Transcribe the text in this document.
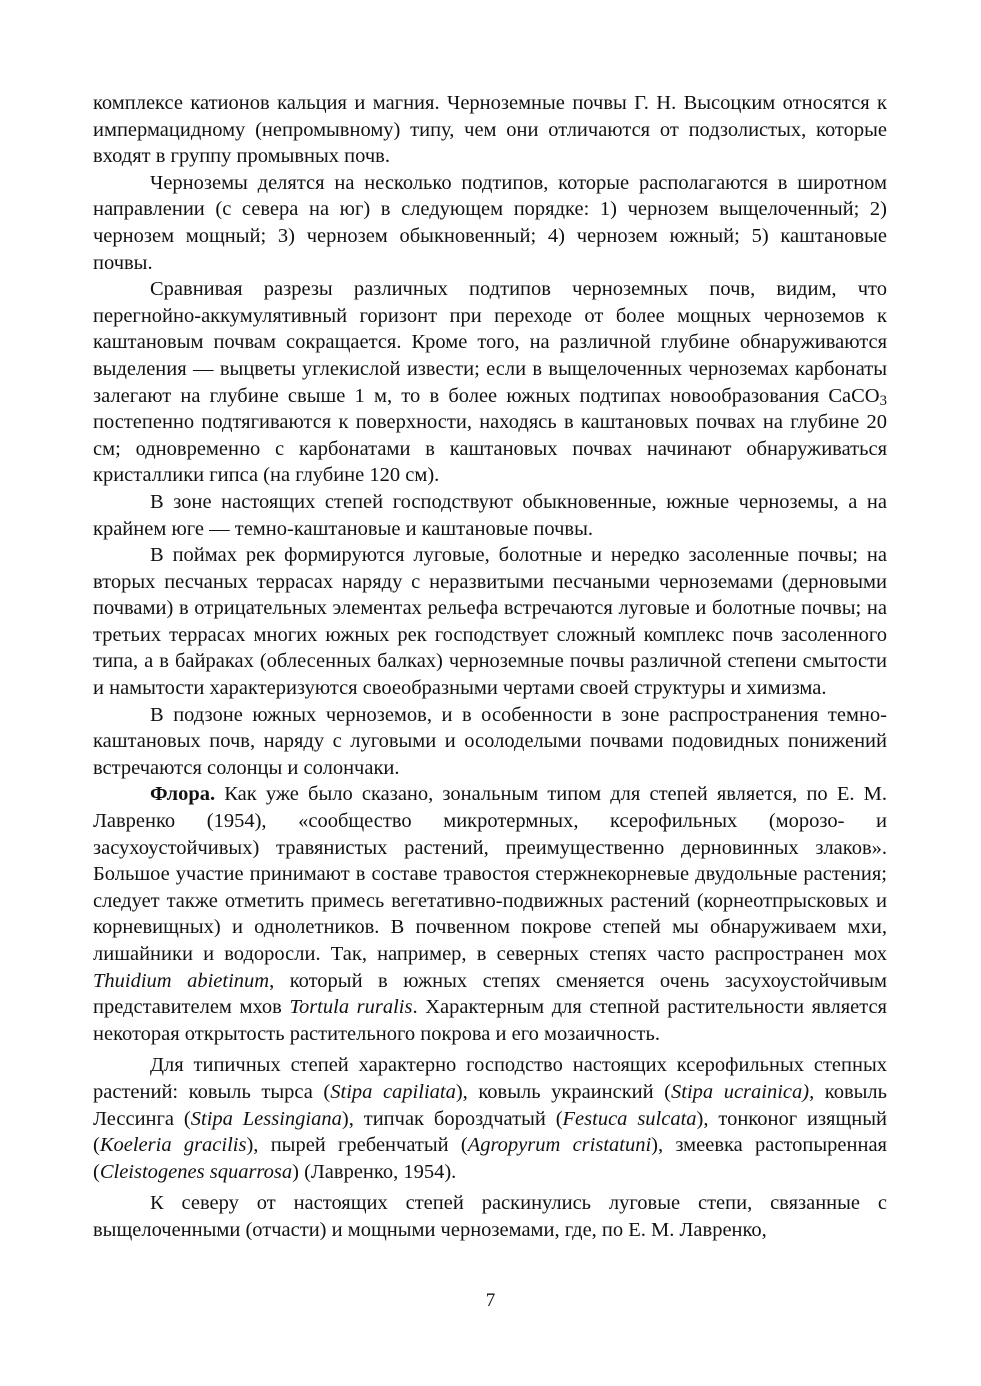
комплексе катионов кальция и магния. Черноземные почвы Г. Н. Высоцким относятся к импермацидному (непромывному) типу, чем они отличаются от подзолистых, которые входят в группу промывных почв.

Черноземы делятся на несколько подтипов, которые располагаются в широтном направлении (с севера на юг) в следующем порядке: 1) чернозем выщелоченный; 2) чернозем мощный; 3) чернозем обыкновенный; 4) чернозем южный; 5) каштановые почвы.

Сравнивая разрезы различных подтипов черноземных почв, видим, что перегнойно-аккумулятивный горизонт при переходе от более мощных черноземов к каштановым почвам сокращается. Кроме того, на различной глубине обнаруживаются выделения — выцветы углекислой извести; если в выщелоченных черноземах карбонаты залегают на глубине свыше 1 м, то в более южных подтипах новообразования CaCO$_3$ постепенно подтягиваются к поверхности, находясь в каштановых почвах на глубине 20 см; одновременно с карбонатами в каштановых почвах начинают обнаруживаться кристаллики гипса (на глубине 120 см).

В зоне настоящих степей господствуют обыкновенные, южные черноземы, а на крайнем юге — темно-каштановые и каштановые почвы.

В поймах рек формируются луговые, болотные и нередко засоленные почвы; на вторых песчаных террасах наряду с неразвитыми песчаными черноземами (дерновыми почвами) в отрицательных элементах рельефа встречаются луговые и болотные почвы; на третьих террасах многих южных рек господствует сложный комплекс почв засоленного типа, а в байраках (облесенных балках) черноземные почвы различной степени смытости и намытости характеризуются своеобразными чертами своей структуры и химизма.

В подзоне южных черноземов, и в особенности в зоне распространения темно-каштановых почв, наряду с луговыми и осолоделыми почвами подовидных понижений встречаются солонцы и солончаки.

Флора. Как уже было сказано, зональным типом для степей является, по Е. М. Лавренко (1954), «сообщество микротермных, ксерофильных (морозо- и засухоустойчивых) травянистых растений, преимущественно дерновинных злаков». Большое участие принимают в составе травостоя стержнекорневые двудольные растения; следует также отметить примесь вегетативно-подвижных растений (корнеотпрысковых и корневищных) и однолетников. В почвенном покрове степей мы обнаруживаем мхи, лишайники и водоросли. Так, например, в северных степях часто распространен мох Thuidium abietinum, который в южных степях сменяется очень засухоустойчивым представителем мхов Tortula ruralis. Характерным для степной растительности является некоторая открытость растительного покрова и его мозаичность.

Для типичных степей характерно господство настоящих ксерофильных степных растений: ковыль тырса (Stipa capiliata), ковыль украинский (Stipa ucrainica), ковыль Лессинга (Stipa Lessingiana), типчак бороздчатый (Festuca sulcata), тонконог изящный (Koeleria gracilis), пырей гребенчатый (Agropyrum cristatuni), змеевка растопыренная (Cleistogenes squarrosa) (Лавренко, 1954).

К северу от настоящих степей раскинулись луговые степи, связанные с выщелоченными (отчасти) и мощными черноземами, где, по Е. М. Лавренко,

7
